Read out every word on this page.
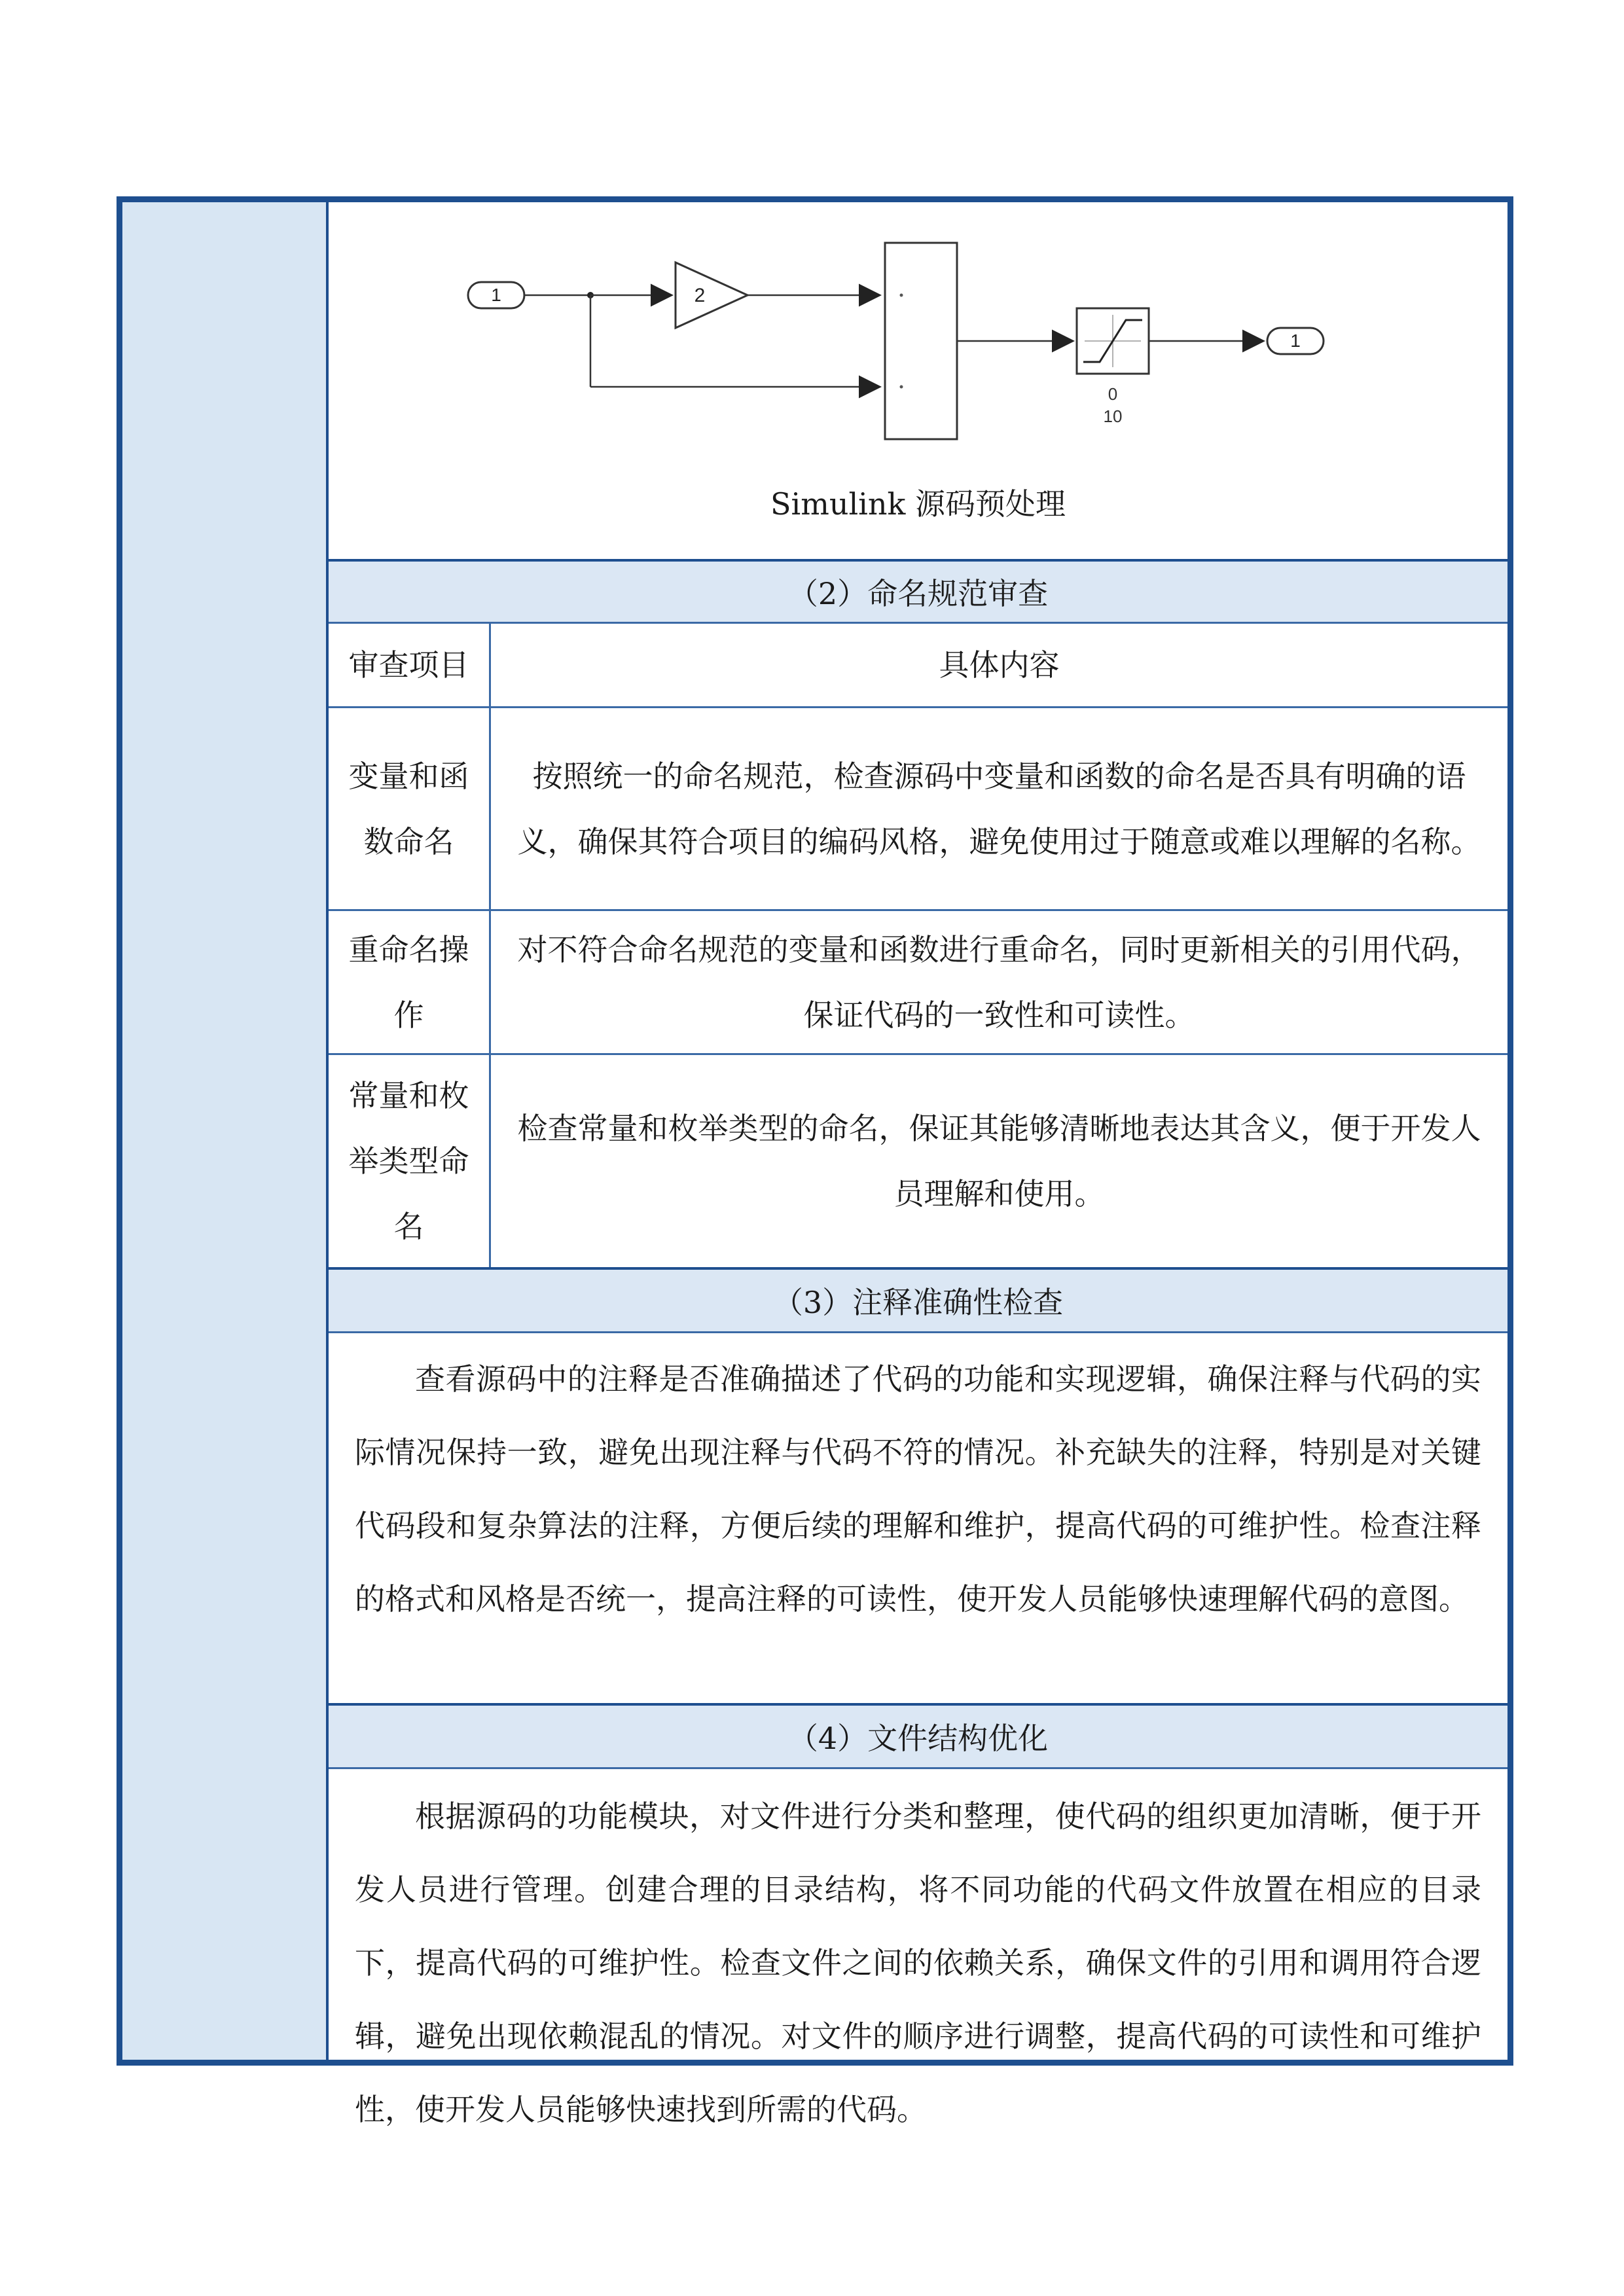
1	2
0
10
1
Simulink 源码预处理
（2）命名规范审查
审查项目	具体内容
变量和函数命名
按照统一的命名规范，检查源码中变量和函数的命名是否具有明确的语义，确保其符合项目的编码风格，避免使用过于随意或难以理解的名称。
重命名操作
对不符合命名规范的变量和函数进行重命名，同时更新相关的引用代码，保证代码的一致性和可读性。
常量和枚举类型命名
检查常量和枚举类型的命名，保证其能够清晰地表达其含义，便于开发人员理解和使用。
（3）注释准确性检查
查看源码中的注释是否准确描述了代码的功能和实现逻辑，确保注释与代码的实际情况保持一致，避免出现注释与代码不符的情况。补充缺失的注释，特别是对关键代码段和复杂算法的注释，方便后续的理解和维护，提高代码的可维护性。检查注释的格式和风格是否统一，提高注释的可读性，使开发人员能够快速理解代码的意图。
（4）文件结构优化
根据源码的功能模块，对文件进行分类和整理，使代码的组织更加清晰，便于开发人员进行管理。创建合理的目录结构，将不同功能的代码文件放置在相应的目录下，提高代码的可维护性。检查文件之间的依赖关系，确保文件的引用和调用符合逻辑，避免出现依赖混乱的情况。对文件的顺序进行调整，提高代码的可读性和可维护性，使开发人员能够快速找到所需的代码。
